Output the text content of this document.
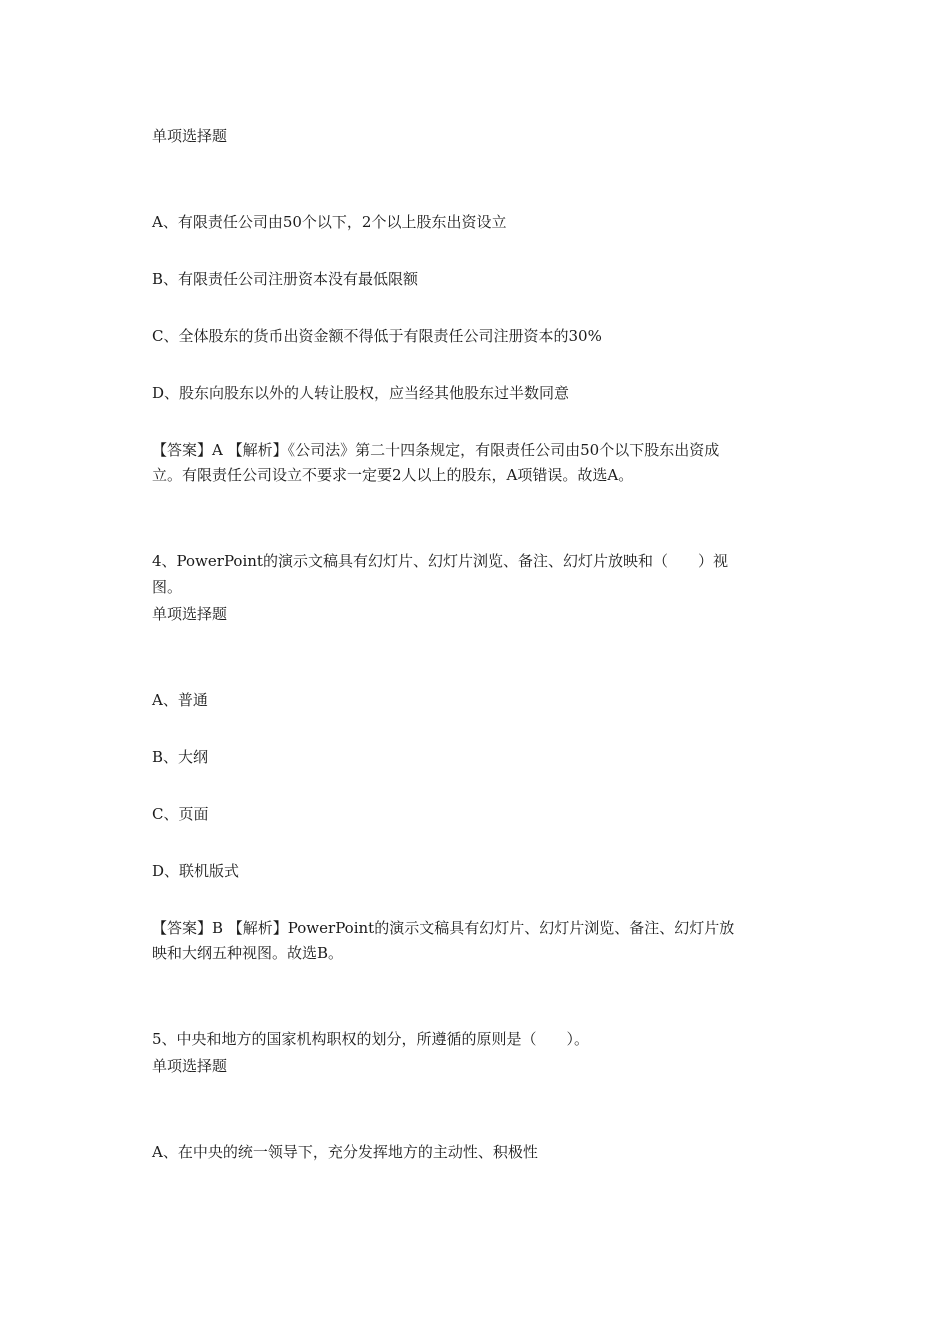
单项选择题
A、有限责任公司由50个以下，2个以上股东出资设立
B、有限责任公司注册资本没有最低限额
C、全体股东的货币出资金额不得低于有限责任公司注册资本的30%
D、股东向股东以外的人转让股权，应当经其他股东过半数同意
【答案】A 【解析】《公司法》第二十四条规定，有限责任公司由50个以下股东出资成
立。有限责任公司设立不要求一定要2人以上的股东，A项错误。故选A。
4、PowerPoint的演示文稿具有幻灯片、幻灯片浏览、备注、幻灯片放映和（　　）视
图。
单项选择题
A、普通
B、大纲
C、页面
D、联机版式
【答案】B 【解析】PowerPoint的演示文稿具有幻灯片、幻灯片浏览、备注、幻灯片放
映和大纲五种视图。故选B。
5、中央和地方的国家机构职权的划分，所遵循的原则是（　　）。
单项选择题
A、在中央的统一领导下，充分发挥地方的主动性、积极性
